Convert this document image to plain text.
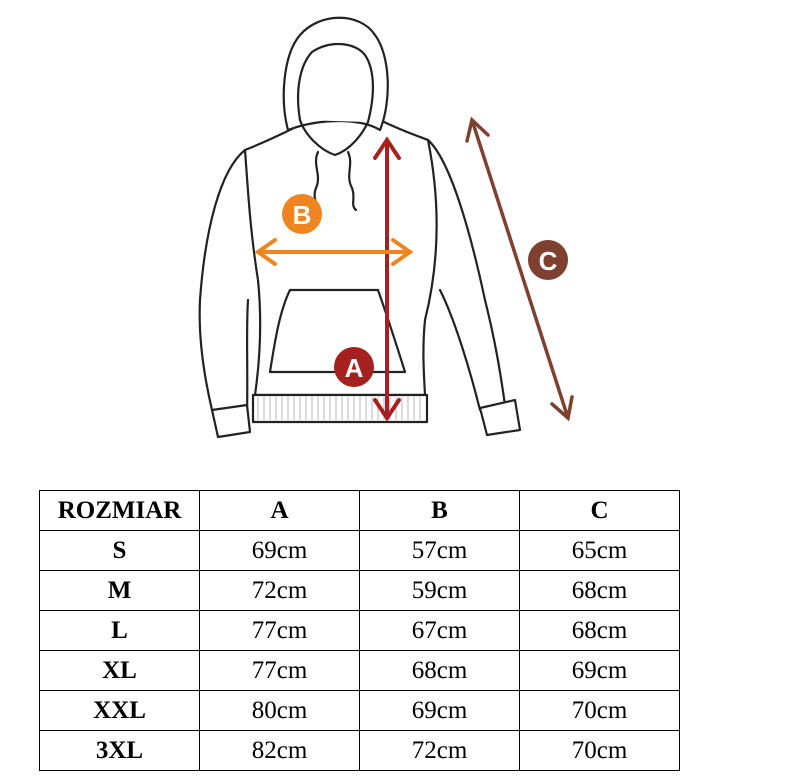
A
B
C
ROZMIAR	A	B	C
S	69cm	57cm	65cm
M	72cm	59cm	68cm
L	77cm	67cm	68cm
XL	77cm	68cm	69cm
XXL	80cm	69cm	70cm
3XL	82cm	72cm	70cm
